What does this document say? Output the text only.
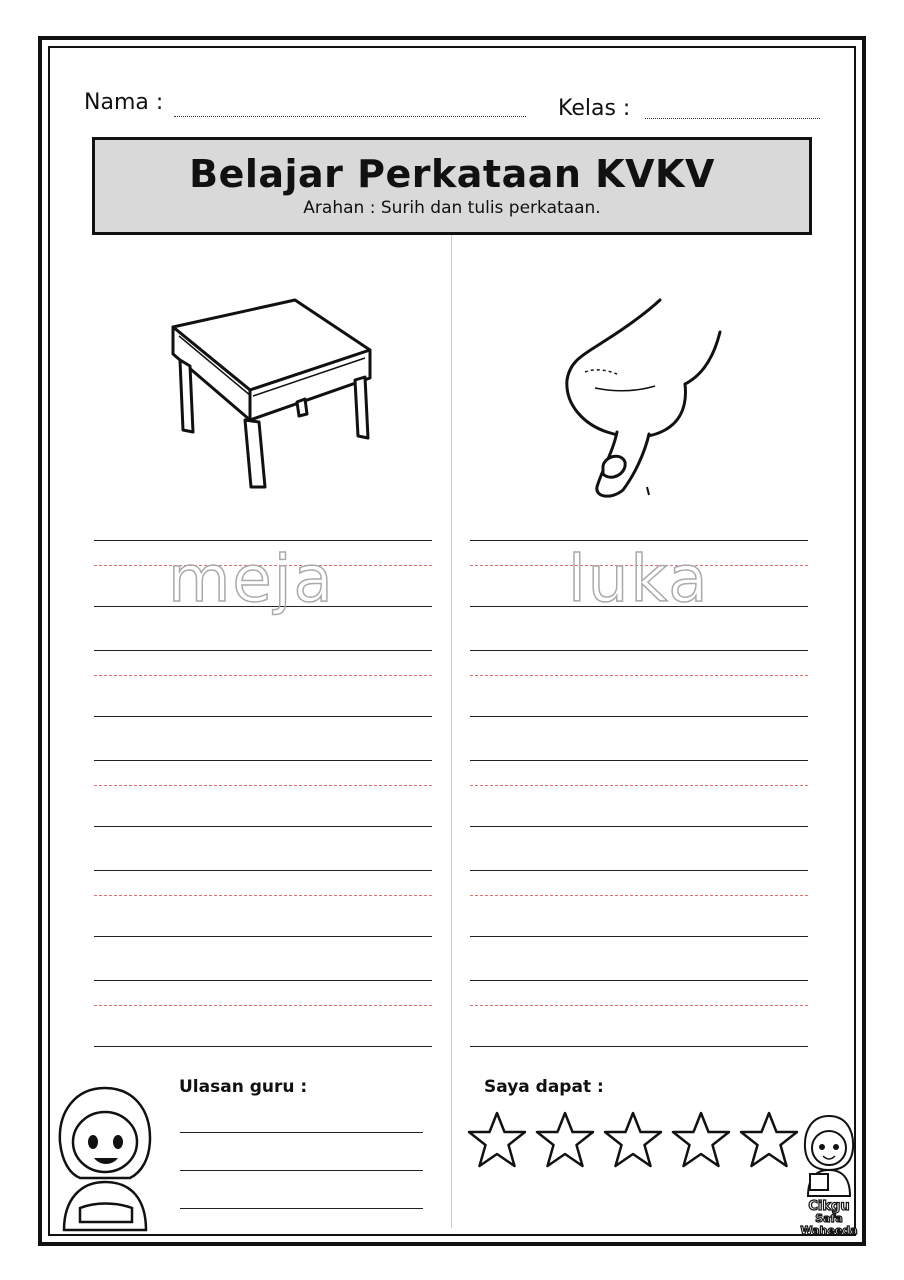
Nama :	Kelas :
Belajar Perkataan KVKV
Arahan : Surih dan tulis perkataan.
meja	luka
Ulasan guru :	Saya dapat :
Cikgu
Safa
Waheeda
